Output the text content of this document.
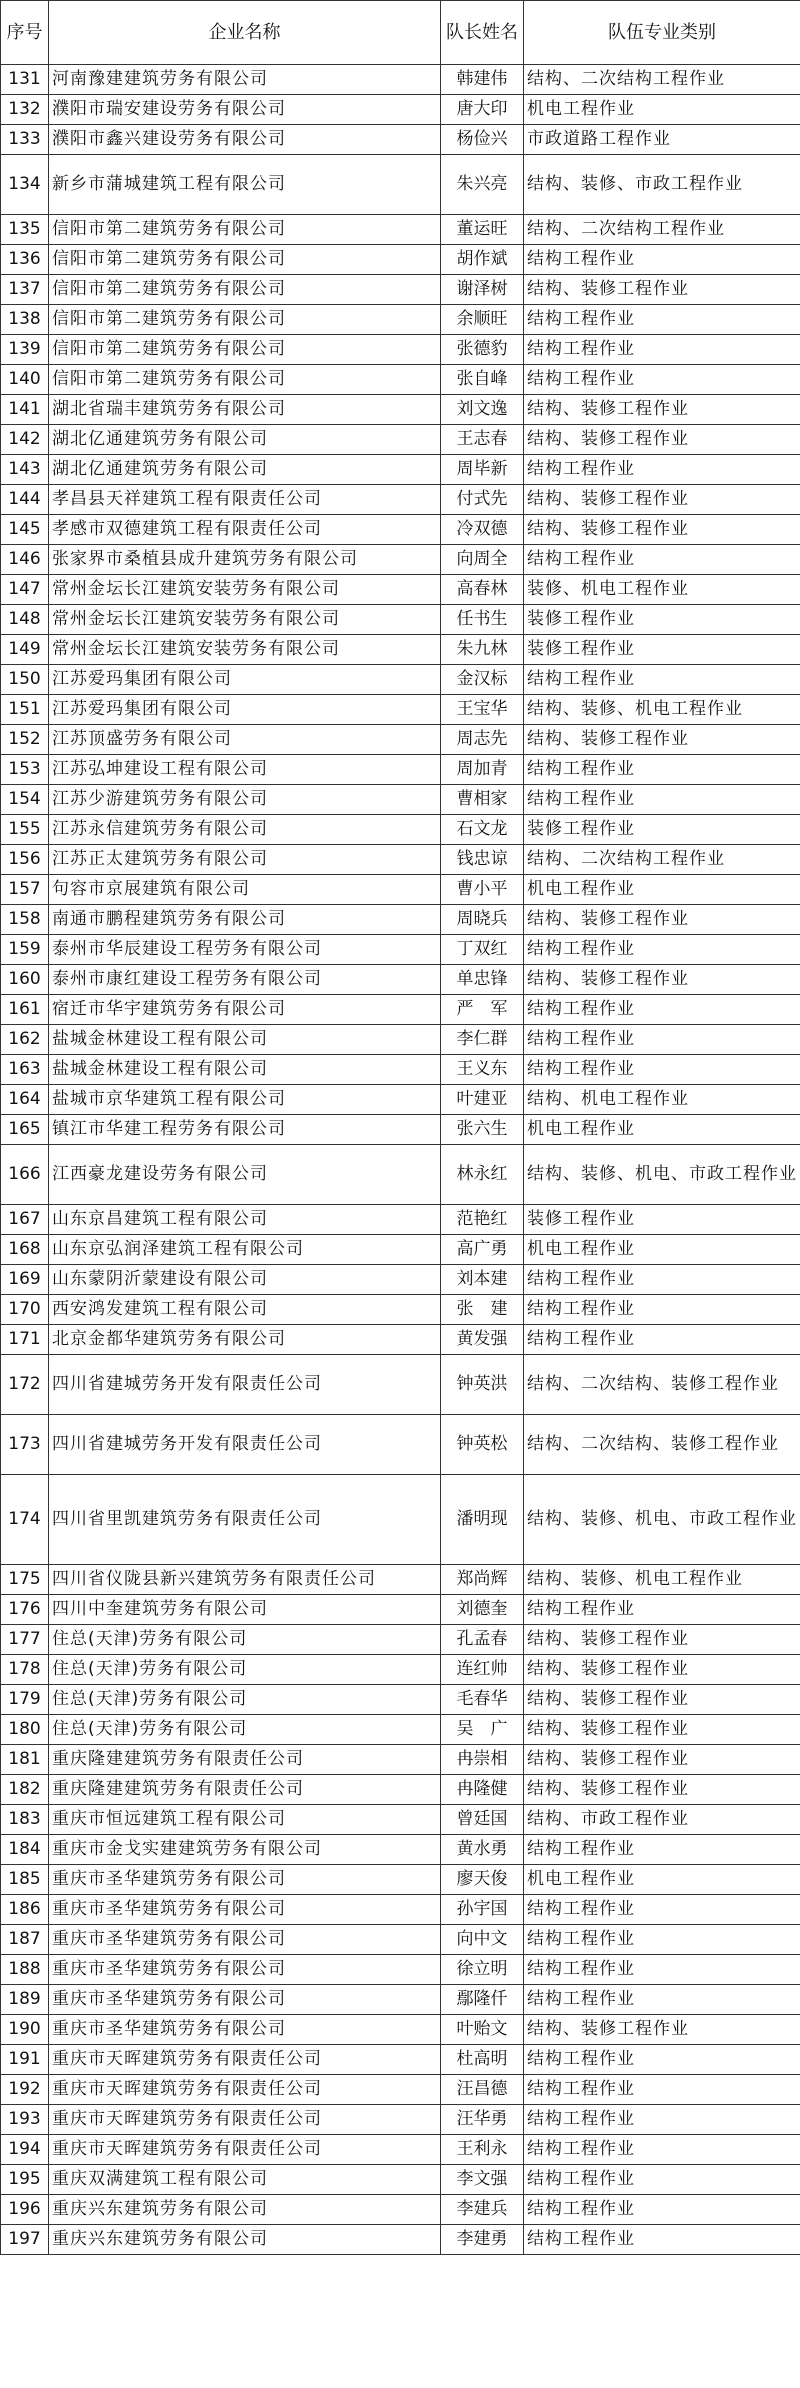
序号	企业名称	队长姓名	队伍专业类别
131	河南豫建建筑劳务有限公司	韩建伟	结构、二次结构工程作业
132	濮阳市瑞安建设劳务有限公司	唐大印	机电工程作业
133	濮阳市鑫兴建设劳务有限公司	杨俭兴	市政道路工程作业
134	新乡市蒲城建筑工程有限公司	朱兴亮	结构、装修、市政工程作业
135	信阳市第二建筑劳务有限公司	董运旺	结构、二次结构工程作业
136	信阳市第二建筑劳务有限公司	胡作斌	结构工程作业
137	信阳市第二建筑劳务有限公司	谢泽树	结构、装修工程作业
138	信阳市第二建筑劳务有限公司	余顺旺	结构工程作业
139	信阳市第二建筑劳务有限公司	张德豹	结构工程作业
140	信阳市第二建筑劳务有限公司	张自峰	结构工程作业
141	湖北省瑞丰建筑劳务有限公司	刘文逸	结构、装修工程作业
142	湖北亿通建筑劳务有限公司	王志春	结构、装修工程作业
143	湖北亿通建筑劳务有限公司	周毕新	结构工程作业
144	孝昌县天祥建筑工程有限责任公司	付式先	结构、装修工程作业
145	孝感市双德建筑工程有限责任公司	冷双德	结构、装修工程作业
146	张家界市桑植县成升建筑劳务有限公司	向周全	结构工程作业
147	常州金坛长江建筑安装劳务有限公司	高春林	装修、机电工程作业
148	常州金坛长江建筑安装劳务有限公司	任书生	装修工程作业
149	常州金坛长江建筑安装劳务有限公司	朱九林	装修工程作业
150	江苏爱玛集团有限公司	金汉标	结构工程作业
151	江苏爱玛集团有限公司	王宝华	结构、装修、机电工程作业
152	江苏顶盛劳务有限公司	周志先	结构、装修工程作业
153	江苏弘坤建设工程有限公司	周加青	结构工程作业
154	江苏少游建筑劳务有限公司	曹相家	结构工程作业
155	江苏永信建筑劳务有限公司	石文龙	装修工程作业
156	江苏正太建筑劳务有限公司	钱忠谅	结构、二次结构工程作业
157	句容市京展建筑有限公司	曹小平	机电工程作业
158	南通市鹏程建筑劳务有限公司	周晓兵	结构、装修工程作业
159	泰州市华辰建设工程劳务有限公司	丁双红	结构工程作业
160	泰州市康红建设工程劳务有限公司	单忠锋	结构、装修工程作业
161	宿迁市华宇建筑劳务有限公司	严　军	结构工程作业
162	盐城金林建设工程有限公司	李仁群	结构工程作业
163	盐城金林建设工程有限公司	王义东	结构工程作业
164	盐城市京华建筑工程有限公司	叶建亚	结构、机电工程作业
165	镇江市华建工程劳务有限公司	张六生	机电工程作业
166	江西豪龙建设劳务有限公司	林永红	结构、装修、机电、市政工程作业
167	山东京昌建筑工程有限公司	范艳红	装修工程作业
168	山东京弘润泽建筑工程有限公司	高广勇	机电工程作业
169	山东蒙阴沂蒙建设有限公司	刘本建	结构工程作业
170	西安鸿发建筑工程有限公司	张　建	结构工程作业
171	北京金都华建筑劳务有限公司	黄发强	结构工程作业
172	四川省建城劳务开发有限责任公司	钟英洪	结构、二次结构、装修工程作业
173	四川省建城劳务开发有限责任公司	钟英松	结构、二次结构、装修工程作业
174	四川省里凯建筑劳务有限责任公司	潘明现	结构、装修、机电、市政工程作业
175	四川省仪陇县新兴建筑劳务有限责任公司	郑尚辉	结构、装修、机电工程作业
176	四川中奎建筑劳务有限公司	刘德奎	结构工程作业
177	住总(天津)劳务有限公司	孔孟春	结构、装修工程作业
178	住总(天津)劳务有限公司	连红帅	结构、装修工程作业
179	住总(天津)劳务有限公司	毛春华	结构、装修工程作业
180	住总(天津)劳务有限公司	吴　广	结构、装修工程作业
181	重庆隆建建筑劳务有限责任公司	冉崇相	结构、装修工程作业
182	重庆隆建建筑劳务有限责任公司	冉隆健	结构、装修工程作业
183	重庆市恒远建筑工程有限公司	曾廷国	结构、市政工程作业
184	重庆市金戈实建建筑劳务有限公司	黄水勇	结构工程作业
185	重庆市圣华建筑劳务有限公司	廖天俊	机电工程作业
186	重庆市圣华建筑劳务有限公司	孙宇国	结构工程作业
187	重庆市圣华建筑劳务有限公司	向中文	结构工程作业
188	重庆市圣华建筑劳务有限公司	徐立明	结构工程作业
189	重庆市圣华建筑劳务有限公司	鄢隆仟	结构工程作业
190	重庆市圣华建筑劳务有限公司	叶贻文	结构、装修工程作业
191	重庆市天晖建筑劳务有限责任公司	杜高明	结构工程作业
192	重庆市天晖建筑劳务有限责任公司	汪昌德	结构工程作业
193	重庆市天晖建筑劳务有限责任公司	汪华勇	结构工程作业
194	重庆市天晖建筑劳务有限责任公司	王利永	结构工程作业
195	重庆双满建筑工程有限公司	李文强	结构工程作业
196	重庆兴东建筑劳务有限公司	李建兵	结构工程作业
197	重庆兴东建筑劳务有限公司	李建勇	结构工程作业
